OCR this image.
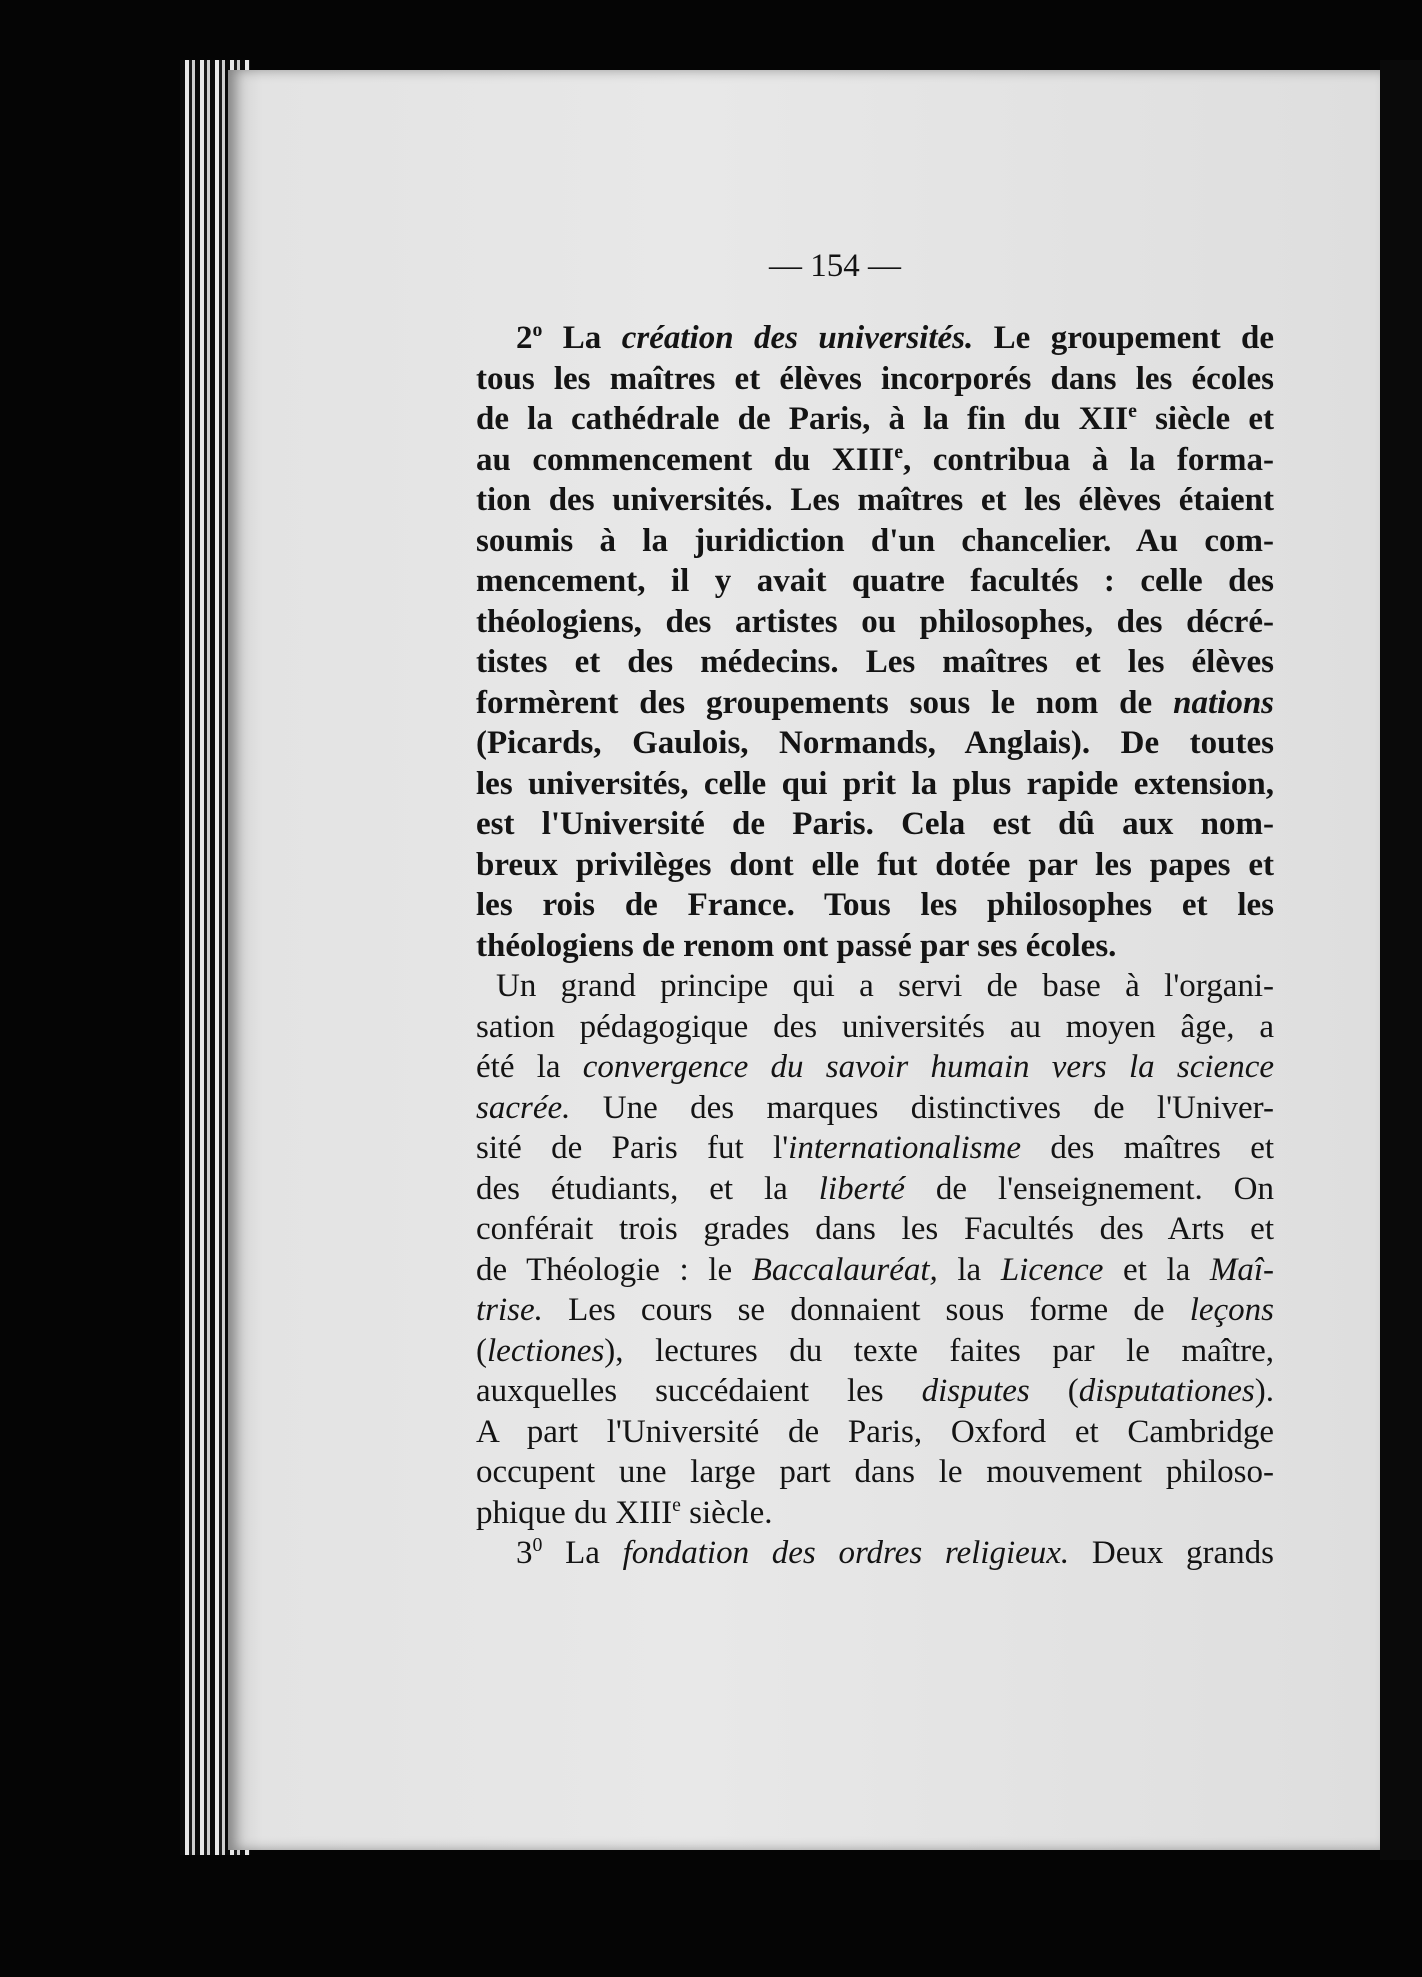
— 154 —
2$^o$ La création des universités. Le groupement de
tous les maîtres et élèves incorporés dans les écoles
de la cathédrale de Paris, à la fin du XIIe siècle et
au commencement du XIIIe, contribua à la forma-
tion des universités. Les maîtres et les élèves étaient
soumis à la juridiction d'un chancelier. Au com-
mencement, il y avait quatre facultés : celle des
théologiens, des artistes ou philosophes, des décré-
tistes et des médecins. Les maîtres et les élèves
formèrent des groupements sous le nom de nations
(Picards, Gaulois, Normands, Anglais). De toutes
les universités, celle qui prit la plus rapide extension,
est l'Université de Paris. Cela est dû aux nom-
breux privilèges dont elle fut dotée par les papes et
les rois de France. Tous les philosophes et les
théologiens de renom ont passé par ses écoles.
Un grand principe qui a servi de base à l'organi-
sation pédagogique des universités au moyen âge, a
été la convergence du savoir humain vers la science
sacrée. Une des marques distinctives de l'Univer-
sité de Paris fut l'internationalisme des maîtres et
des étudiants, et la liberté de l'enseignement. On
conférait trois grades dans les Facultés des Arts et
de Théologie : le Baccalauréat, la Licence et la Maî-
trise. Les cours se donnaient sous forme de leçons
(lectiones), lectures du texte faites par le maître,
auxquelles succédaient les disputes (disputationes).
A part l'Université de Paris, Oxford et Cambridge
occupent une large part dans le mouvement philoso-
phique du XIIIe siècle.
$3^0$ La fondation des ordres religieux. Deux grands
